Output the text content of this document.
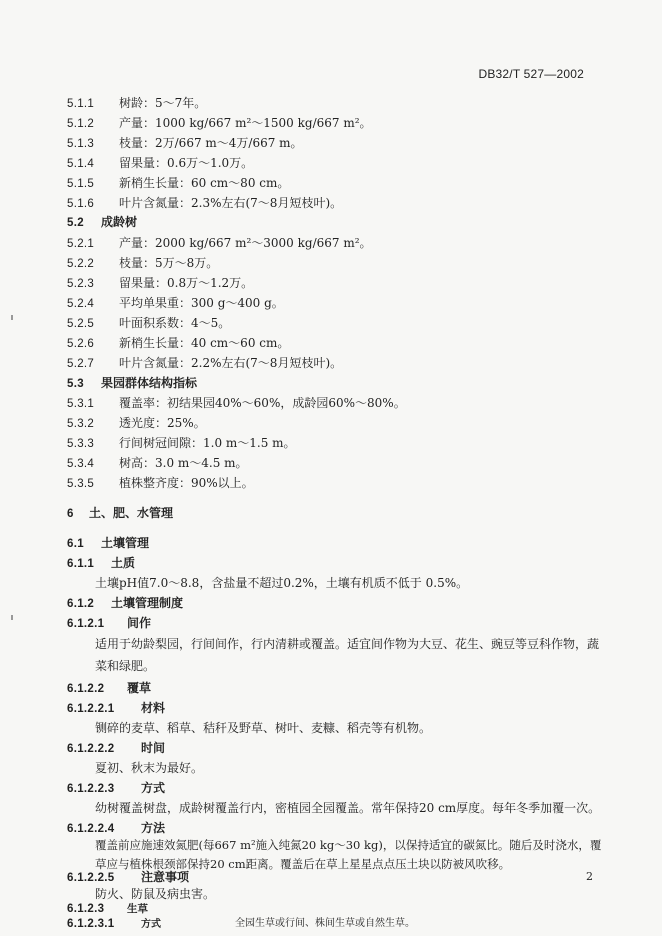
DB32/T 527—2002
5.1.1 树龄：5～7年。
5.1.2 产量：1000 kg/667 m²～1500 kg/667 m²。
5.1.3 枝量：2万/667 m～4万/667 m。
5.1.4 留果量：0.6万～1.0万。
5.1.5 新梢生长量：60 cm～80 cm。
5.1.6 叶片含氮量：2.3%左右(7～8月短枝叶)。
5.2 成龄树
5.2.1 产量：2000 kg/667 m²～3000 kg/667 m²。
5.2.2 枝量：5万～8万。
5.2.3 留果量：0.8万～1.2万。
5.2.4 平均单果重：300 g～400 g。
5.2.5 叶面积系数：4～5。
5.2.6 新梢生长量：40 cm～60 cm。
5.2.7 叶片含氮量：2.2%左右(7～8月短枝叶)。
5.3 果园群体结构指标
5.3.1 覆盖率：初结果园40%～60%，成龄园60%～80%。
5.3.2 透光度：25%。
5.3.3 行间树冠间隙：1.0 m～1.5 m。
5.3.4 树高：3.0 m～4.5 m。
5.3.5 植株整齐度：90%以上。
6 土、肥、水管理
6.1 土壤管理
6.1.1 土质
土壤pH值7.0～8.8，含盐量不超过0.2%，土壤有机质不低于 0.5%。
6.1.2 土壤管理制度
6.1.2.1 间作
适用于幼龄梨园，行间间作，行内清耕或覆盖。适宜间作物为大豆、花生、豌豆等豆科作物，蔬菜和绿肥。
6.1.2.2 覆草
6.1.2.2.1 材料
铡碎的麦草、稻草、秸秆及野草、树叶、麦糠、稻壳等有机物。
6.1.2.2.2 时间
夏初、秋末为最好。
6.1.2.2.3 方式
幼树覆盖树盘，成龄树覆盖行内，密植园全园覆盖。常年保持20 cm厚度。每年冬季加覆一次。
6.1.2.2.4 方法
覆盖前应施速效氮肥(每667 m²施入纯氮20 kg～30 kg)，以保持适宜的碳氮比。随后及时浇水，覆草应与植株根颈部保持20 cm距离。覆盖后在草上星星点点压土块以防被风吹移。
6.1.2.2.5 注意事项
防火、防鼠及病虫害。
6.1.2.3 生草
6.1.2.3.1	方式	全园生草或行间、株间生草或自然生草。
2
